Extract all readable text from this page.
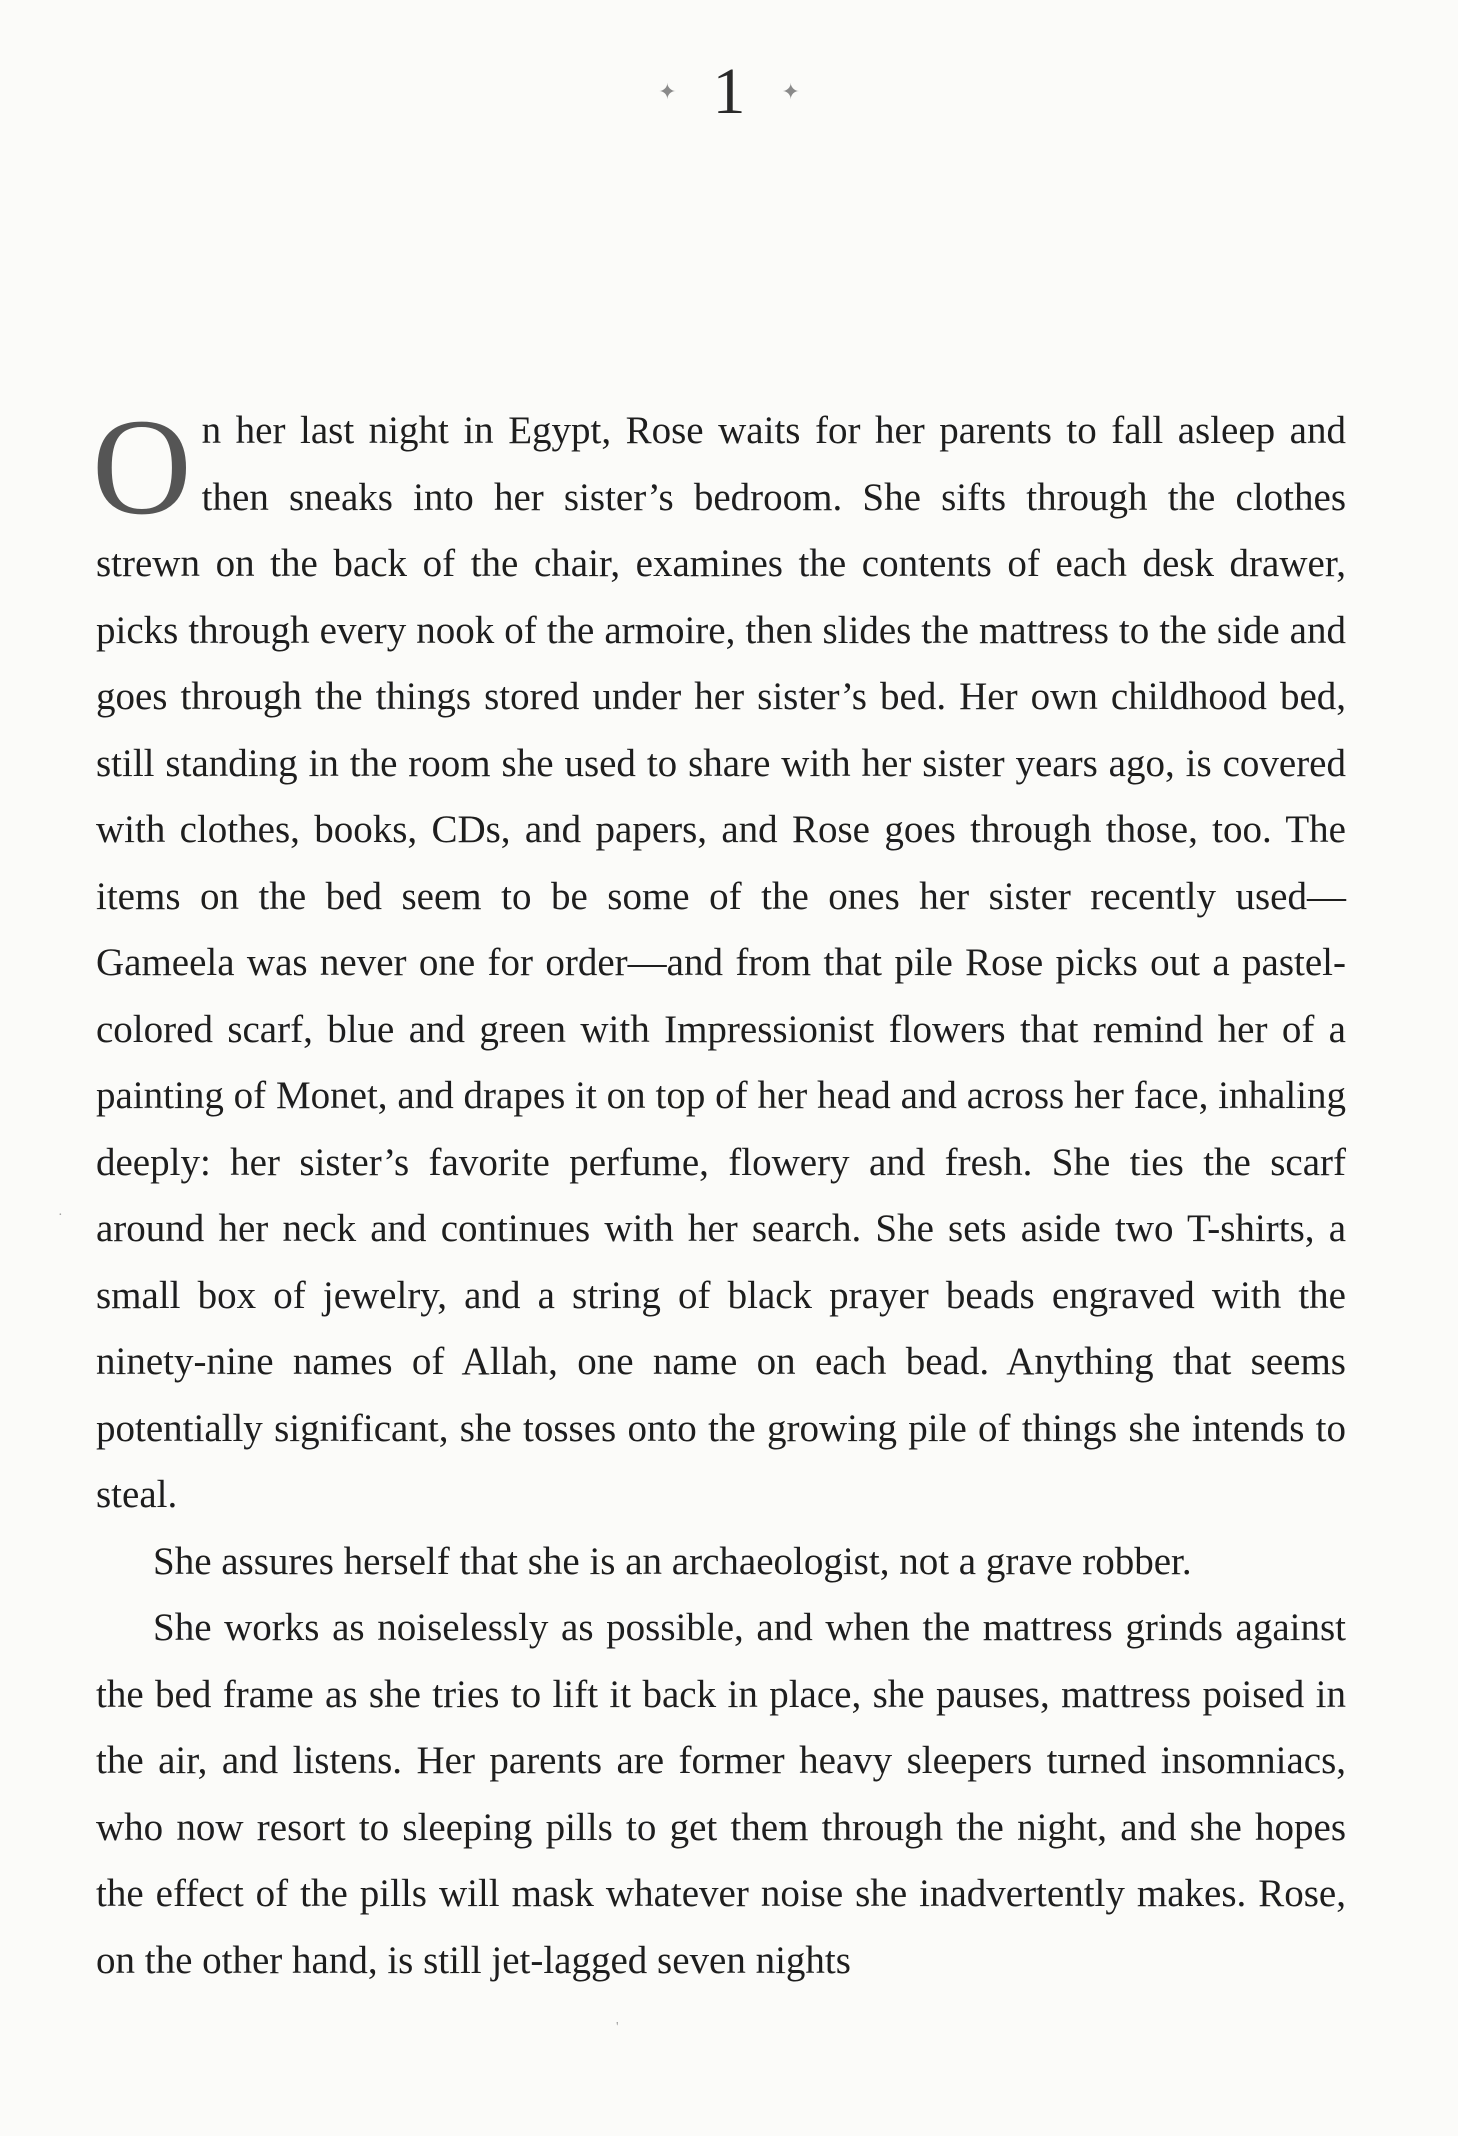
✦ 1 ✦

On her last night in Egypt, Rose waits for her parents to fall asleep and then sneaks into her sister’s bedroom. She sifts through the clothes strewn on the back of the chair, examines the contents of each desk drawer, picks through every nook of the armoire, then slides the mattress to the side and goes through the things stored under her sister’s bed. Her own childhood bed, still standing in the room she used to share with her sister years ago, is covered with clothes, books, CDs, and papers, and Rose goes through those, too. The items on the bed seem to be some of the ones her sister recently used—Gameela was never one for order—and from that pile Rose picks out a pastel-colored scarf, blue and green with Impressionist flowers that remind her of a painting of Monet, and drapes it on top of her head and across her face, inhaling deeply: her sister’s favorite perfume, flowery and fresh. She ties the scarf around her neck and continues with her search. She sets aside two T-shirts, a small box of jewelry, and a string of black prayer beads engraved with the ninety-nine names of Allah, one name on each bead. Anything that seems potentially significant, she tosses onto the growing pile of things she intends to steal.

She assures herself that she is an archaeologist, not a grave robber.

She works as noiselessly as possible, and when the mattress grinds against the bed frame as she tries to lift it back in place, she pauses, mattress poised in the air, and listens. Her parents are former heavy sleepers turned insomniacs, who now resort to sleeping pills to get them through the night, and she hopes the effect of the pills will mask whatever noise she inadvertently makes. Rose, on the other hand, is still jet-lagged seven nights

·
'
